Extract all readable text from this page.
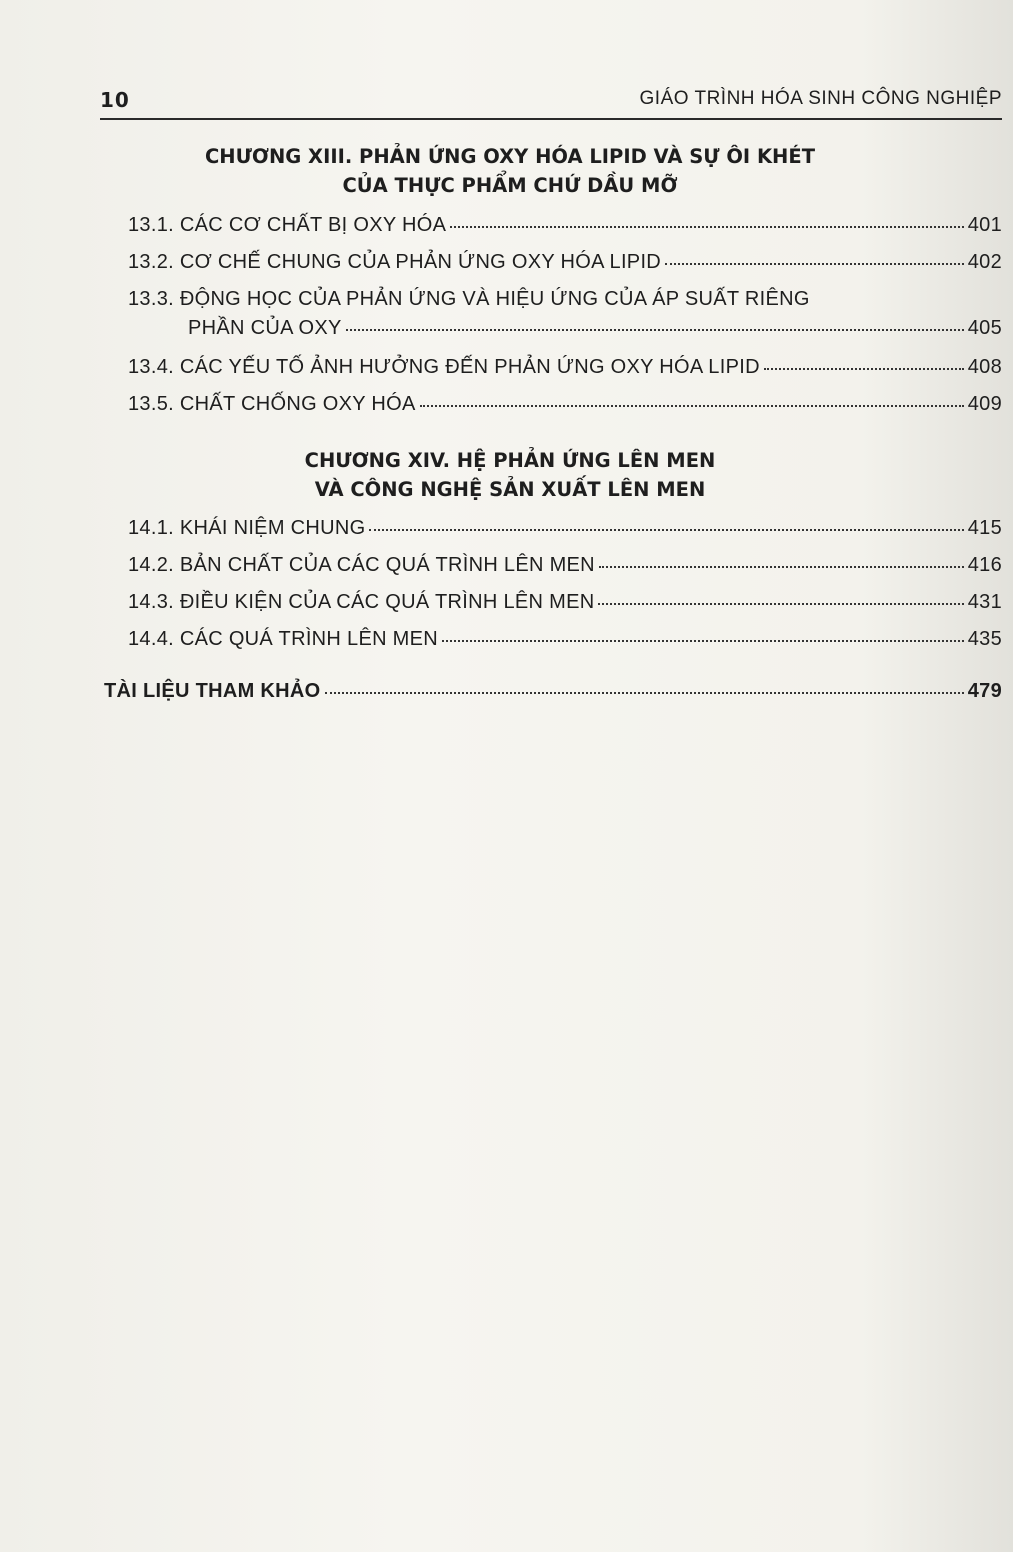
10	GIÁO TRÌNH HÓA SINH CÔNG NGHIỆP
CHƯƠNG XIII. PHẢN ỨNG OXY HÓA LIPID VÀ SỰ ÔI KHÉT
CỦA THỰC PHẨM CHỨ DẦU MỠ
13.1. CÁC CƠ CHẤT BỊ OXY HÓA	401
13.2. CƠ CHẾ CHUNG CỦA PHẢN ỨNG OXY HÓA LIPID	402
13.3. ĐỘNG HỌC CỦA PHẢN ỨNG VÀ HIỆU ỨNG CỦA ÁP SUẤT RIÊNG
PHẦN CỦA OXY	405
13.4. CÁC YẾU TỐ ẢNH HƯỞNG ĐẾN PHẢN ỨNG OXY HÓA LIPID	408
13.5. CHẤT CHỐNG OXY HÓA	409
CHƯƠNG XIV. HỆ PHẢN ỨNG LÊN MEN
VÀ CÔNG NGHỆ SẢN XUẤT LÊN MEN
14.1. KHÁI NIỆM CHUNG	415
14.2. BẢN CHẤT CỦA CÁC QUÁ TRÌNH LÊN MEN	416
14.3. ĐIỀU KIỆN CỦA CÁC QUÁ TRÌNH LÊN MEN	431
14.4. CÁC QUÁ TRÌNH LÊN MEN	435
TÀI LIỆU THAM KHẢO	479
